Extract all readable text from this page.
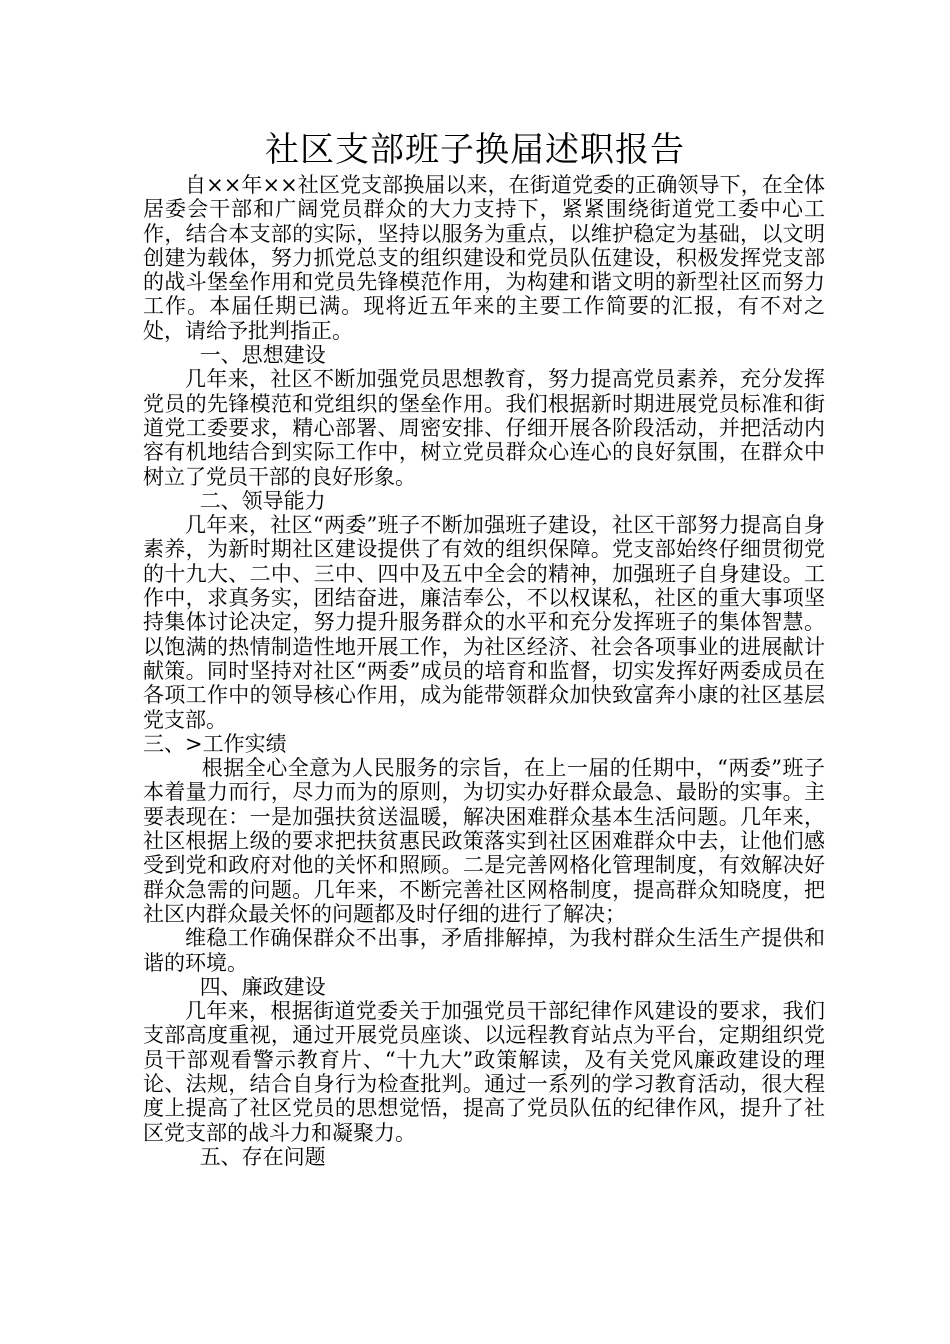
社区支部班子换届述职报告

自××年××社区党支部换届以来，在街道党委的正确领导下，在全体居委会干部和广阔党员群众的大力支持下，紧紧围绕街道党工委中心工作，结合本支部的实际，坚持以服务为重点，以维护稳定为基础，以文明创建为载体，努力抓党总支的组织建设和党员队伍建设，积极发挥党支部的战斗堡垒作用和党员先锋模范作用，为构建和谐文明的新型社区而努力工作。本届任期已满。现将近五年来的主要工作简要的汇报，有不对之处，请给予批判指正。

一、思想建设

几年来，社区不断加强党员思想教育，努力提高党员素养，充分发挥党员的先锋模范和党组织的堡垒作用。我们根据新时期进展党员标准和街道党工委要求，精心部署、周密安排、仔细开展各阶段活动，并把活动内容有机地结合到实际工作中，树立党员群众心连心的良好氛围，在群众中树立了党员干部的良好形象。

二、领导能力

几年来，社区“两委”班子不断加强班子建设，社区干部努力提高自身素养，为新时期社区建设提供了有效的组织保障。党支部始终仔细贯彻党的十九大、二中、三中、四中及五中全会的精神，加强班子自身建设。工作中，求真务实，团结奋进，廉洁奉公，不以权谋私，社区的重大事项坚持集体讨论决定，努力提升服务群众的水平和充分发挥班子的集体智慧。以饱满的热情制造性地开展工作，为社区经济、社会各项事业的进展献计献策。同时坚持对社区“两委”成员的培育和监督，切实发挥好两委成员在各项工作中的领导核心作用，成为能带领群众加快致富奔小康的社区基层党支部。

三、>工作实绩

根据全心全意为人民服务的宗旨，在上一届的任期中，“两委”班子本着量力而行，尽力而为的原则，为切实办好群众最急、最盼的实事。主要表现在：一是加强扶贫送温暖，解决困难群众基本生活问题。几年来，社区根据上级的要求把扶贫惠民政策落实到社区困难群众中去，让他们感受到党和政府对他的关怀和照顾。二是完善网格化管理制度，有效解决好群众急需的问题。几年来，不断完善社区网格制度，提高群众知晓度，把社区内群众最关怀的问题都及时仔细的进行了解决；

维稳工作确保群众不出事，矛盾排解掉，为我村群众生活生产提供和谐的环境。

四、廉政建设

几年来，根据街道党委关于加强党员干部纪律作风建设的要求，我们支部高度重视，通过开展党员座谈、以远程教育站点为平台，定期组织党员干部观看警示教育片、“十九大”政策解读，及有关党风廉政建设的理论、法规，结合自身行为检查批判。通过一系列的学习教育活动，很大程度上提高了社区党员的思想觉悟，提高了党员队伍的纪律作风，提升了社区党支部的战斗力和凝聚力。

五、存在问题
